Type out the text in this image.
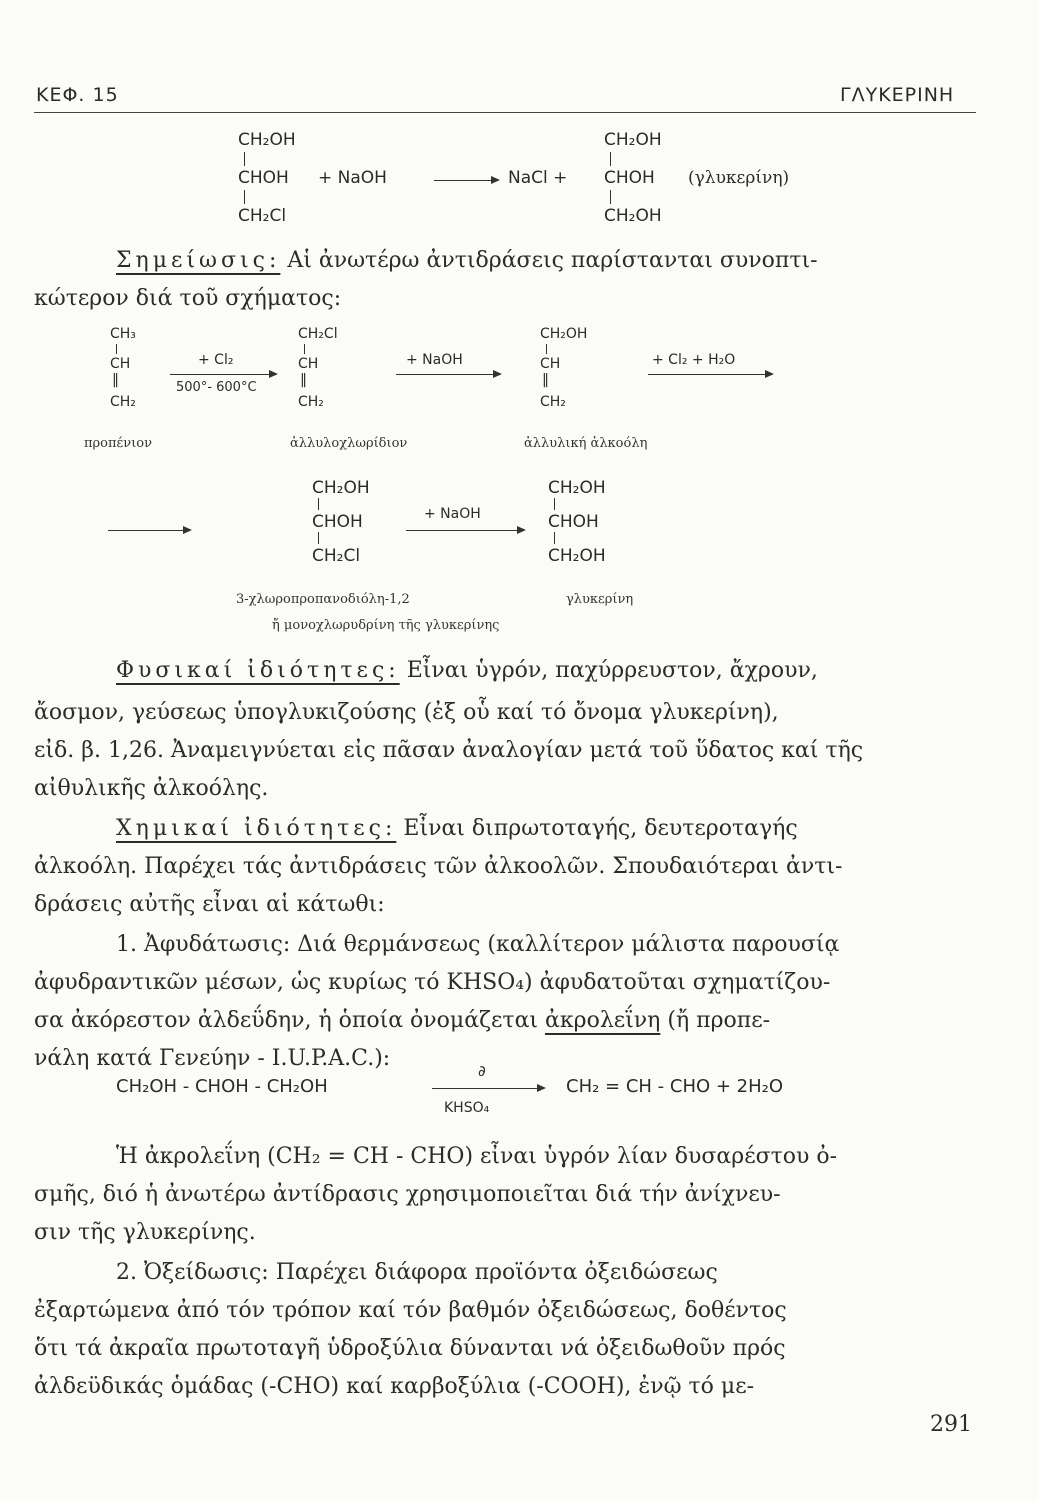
ΚΕΦ. 15	ΓΛΥΚΕΡΙΝΗ
CH₂OH
CHOH
CH₂Cl
+ NaOH	→ NaCl +
CH₂OH
CHOH
CH₂OH
(γλυκερίνη)
Σημείωσις: Αἱ ἀνωτέρω ἀντιδράσεις παρίστανται συνοπτι-
κώτερον διά τοῦ σχήματος:
CH₃
CH
‖
CH₂
προπένιον
+ Cl₂
500°- 600°C
CH₂Cl
CH
‖
CH₂
ἀλλυλοχλωρίδιον
+ NaOH
CH₂OH
CH
‖
CH₂
ἀλλυλική ἀλκοόλη
+ Cl₂ + H₂O
CH₂OH
CHOH
CH₂Cl
+ NaOH
CH₂OH
CHOH
CH₂OH
3-χλωροπροπανοδιόλη-1,2	γλυκερίνη
ἤ μονοχλωρυδρίνη τῆς γλυκερίνης
Φυσικαί ἰδιότητες: Εἶναι ὑγρόν, παχύρρευστον, ἄχρουν,
ἄοσμον, γεύσεως ὑπογλυκιζούσης (ἐξ οὗ καί τό ὄνομα γλυκερίνη),
εἰδ. β. 1,26. Ἀναμειγνύεται εἰς πᾶσαν ἀναλογίαν μετά τοῦ ὕδατος καί τῆς
αἰθυλικῆς ἀλκοόλης.
Χημικαί ἰδιότητες: Εἶναι διπρωτοταγής, δευτεροταγής
ἀλκοόλη. Παρέχει τάς ἀντιδράσεις τῶν ἀλκοολῶν. Σπουδαιότεραι ἀντι-
δράσεις αὐτῆς εἶναι αἱ κάτωθι:
1. Ἀφυδάτωσις: Διά θερμάνσεως (καλλίτερον μάλιστα παρουσίᾳ
ἀφυδραντικῶν μέσων, ὡς κυρίως τό KHSO₄) ἀφυδατοῦται σχηματίζου-
σα ἀκόρεστον ἀλδεΰδην, ἡ ὁποία ὀνομάζεται ἀκρολεΐνη (ἤ προπε-
νάλη κατά Γενεύην - I.U.P.A.C.):
CH₂OH - CHOH - CH₂OH
∂
KHSO₄
CH₂ = CH - CHO + 2H₂O
Ἡ ἀκρολεΐνη (CH₂ = CH - CHO) εἶναι ὑγρόν λίαν δυσαρέστου ὀ-
σμῆς, διό ἡ ἀνωτέρω ἀντίδρασις χρησιμοποιεῖται διά τήν ἀνίχνευ-
σιν τῆς γλυκερίνης.
2. Ὀξείδωσις: Παρέχει διάφορα προϊόντα ὀξειδώσεως
ἐξαρτώμενα ἀπό τόν τρόπον καί τόν βαθμόν ὀξειδώσεως, δοθέντος
ὅτι τά ἀκραῖα πρωτοταγῆ ὑδροξύλια δύνανται νά ὀξειδωθοῦν πρός
ἀλδεϋδικάς ὁμάδας (-CHO) καί καρβοξύλια (-COOH), ἐνῷ τό με-
291
